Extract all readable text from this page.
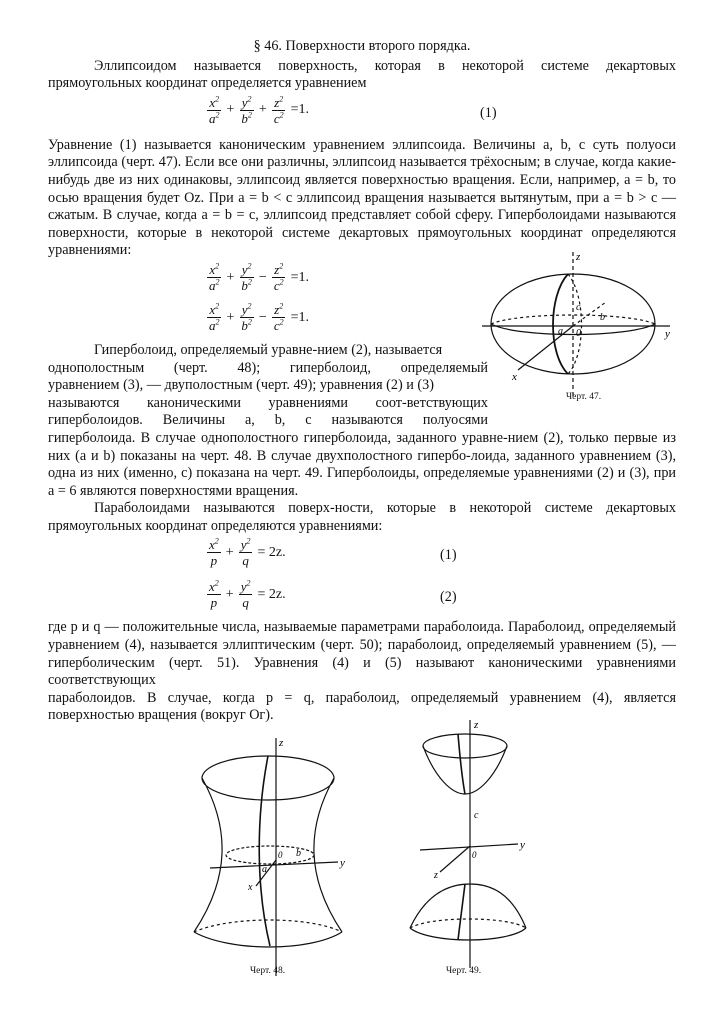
§ 46. Поверхности второго порядка.

Эллипсоидом называется поверхность, которая в некоторой системе декартовых прямоугольных координат определяется уравнением

$\frac{x^2}{a^2} + \frac{y^2}{b^2} + \frac{z^2}{c^2} =1$.	(1)

Уравнение (1) называется каноническим уравнением эллипсоида. Величины a, b, c суть полуоси эллипсоида (черт. 47). Если все они различны, эллипсоид называется трёхосным; в случае, когда какие-нибудь две из них одинаковы, эллипсоид является поверхностью вращения. Если, например, a = b, то осью вращения будет Oz. При a = b < c эллипсоид вращения называется вытянутым, при a = b > c — сжатым. В случае, когда a = b = c, эллипсоид представляет собой сферу. Гиперболоидами называются поверхности, которые в некоторой системе декартовых прямоугольных координат определяются уравнениями:

$\frac{x^2}{a^2} + \frac{y^2}{b^2} - \frac{z^2}{c^2} =1$.
$\frac{x^2}{a^2} + \frac{y^2}{b^2} - \frac{z^2}{c^2} =1$.

Гиперболоид, определяемый уравне-нием (2), называется

однополостным (черт. 48); гиперболоид, определяемый

уравнением (3), — двуполостным (черт. 49); уравнения (2) и (3)

называются каноническими уравнениями соот-ветствующих

гиперболоидов. Величины a, b, c называются полуосями

гиперболоида. В случае однополостного гиперболоида, заданного уравне-нием (2), только первые из них (a и b) показаны на черт. 48. В случае двухполостного гипербо-лоида, заданного уравнением (3), одна из них (именно, c) показана на черт. 49. Гиперболоиды, определяемые уравнениями (2) и (3), при a = 6 являются поверхностями вращения.

Параболоидами называются поверх-ности, которые в некоторой системе декартовых прямоугольных координат определяются уравнениями:

$\frac{x^2}{p} + \frac{y^2}{q} = 2z$.	(1)
$\frac{x^2}{p} + \frac{y^2}{q} = 2z$.	(2)

где p и q — положительные числа, называемые параметрами параболоида. Параболоид, определяемый уравнением (4), называется эллиптическим (черт. 50); параболоид, определяемый уравнением (5), — гиперболическим (черт. 51). Уравнения (4) и (5) называют каноническими уравнениями соответствующих

параболоидов. В случае, когда p = q, параболоид, определяемый уравнением (4), является поверхностью вращения (вокруг Oг).

z
y
x
c
b
a 0
Черт. 47.
z
y
x
a
b
0
z
y
z
c
0
Черт. 48.	Черт. 49.
